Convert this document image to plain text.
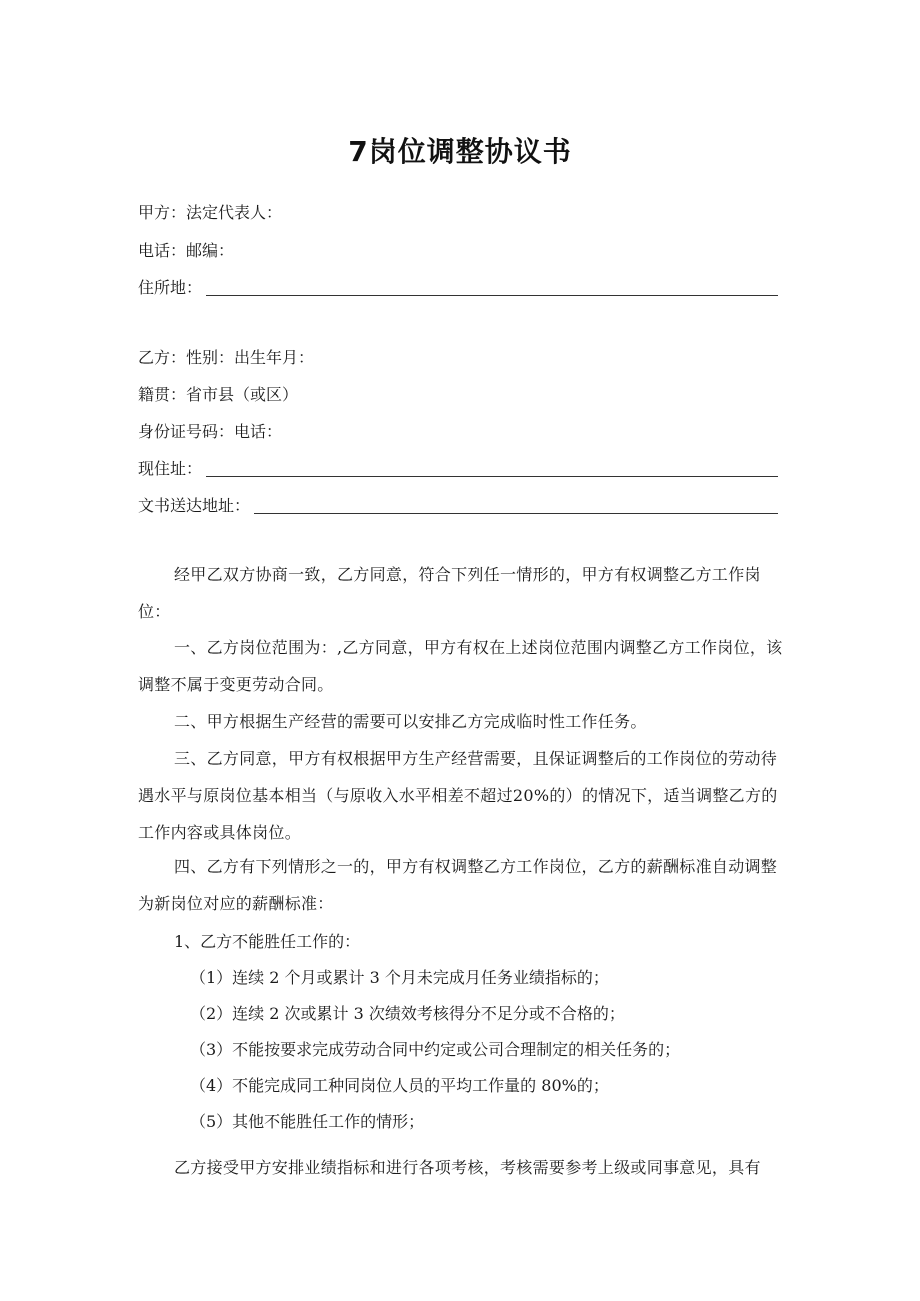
7岗位调整协议书
甲方：法定代表人：
电话：邮编：
住所地：
乙方：性别：出生年月：
籍贯：省市县（或区）
身份证号码：电话：
现住址：
文书送达地址：

经甲乙双方协商一致，乙方同意，符合下列任一情形的，甲方有权调整乙方工作岗位：

一、乙方岗位范围为：,乙方同意，甲方有权在上述岗位范围内调整乙方工作岗位，该调整不属于变更劳动合同。

二、甲方根据生产经营的需要可以安排乙方完成临时性工作任务。

三、乙方同意，甲方有权根据甲方生产经营需要，且保证调整后的工作岗位的劳动待遇水平与原岗位基本相当（与原收入水平相差不超过20%的）的情况下，适当调整乙方的工作内容或具体岗位。

四、乙方有下列情形之一的，甲方有权调整乙方工作岗位，乙方的薪酬标准自动调整为新岗位对应的薪酬标准：

1、乙方不能胜任工作的：
（1）连续 2 个月或累计 3 个月未完成月任务业绩指标的；
（2）连续 2 次或累计 3 次绩效考核得分不足分或不合格的；
（3）不能按要求完成劳动合同中约定或公司合理制定的相关任务的；
（4）不能完成同工种同岗位人员的平均工作量的 80%的；
（5）其他不能胜任工作的情形；

乙方接受甲方安排业绩指标和进行各项考核，考核需要参考上级或同事意见，具有
